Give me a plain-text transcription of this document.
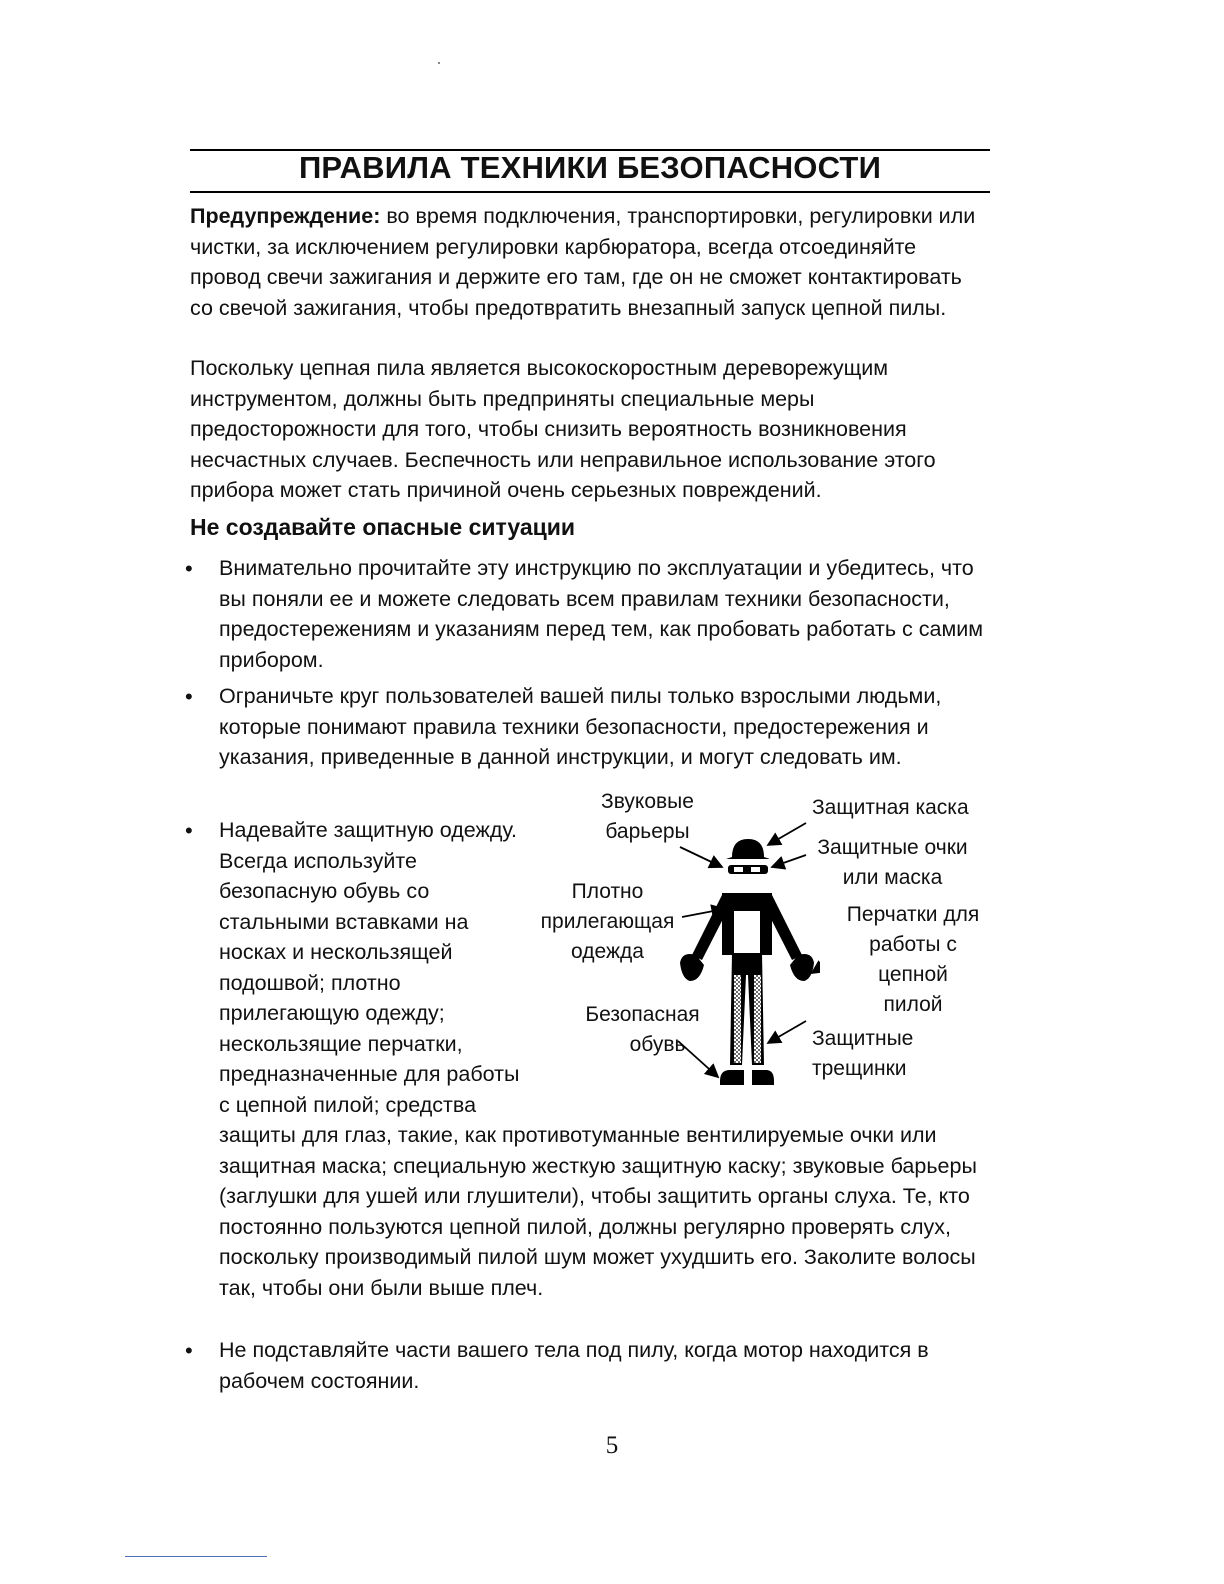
ПРАВИЛА ТЕХНИКИ БЕЗОПАСНОСТИ

Предупреждение: во время подключения, транспортировки, регулировки или чистки, за исключением регулировки карбюратора, всегда отсоединяйте провод свечи зажигания и держите его там, где он не сможет контактировать со свечой зажигания, чтобы предотвратить внезапный запуск цепной пилы.

Поскольку цепная пила является высокоскоростным дереворежущим инструментом, должны быть предприняты специальные меры предосторожности для того, чтобы снизить вероятность возникновения несчастных случаев. Беспечность или неправильное использование этого прибора может стать причиной очень серьезных повреждений.

Не создавайте опасные ситуации
• Внимательно прочитайте эту инструкцию по эксплуатации и убедитесь, что вы поняли ее и можете следовать всем правилам техники безопасности, предостережениям и указаниям перед тем, как пробовать работать с самим прибором.

• Ограничьте круг пользователей вашей пилы только взрослыми людьми, которые понимают правила техники безопасности, предостережения и указания, приведенные в данной инструкции, и могут следовать им.

• Надевайте защитную одежду.
Всегда используйте
безопасную обувь со
стальными вставками на
носках и нескользящей
подошвой; плотно
прилегающую одежду;
нескользящие перчатки,
предназначенные для работы
с цепной пилой; средства

защиты для глаз, такие, как противотуманные вентилируемые очки или защитная маска; специальную жесткую защитную каску; звуковые барьеры (заглушки для ушей или глушители), чтобы защитить органы слуха. Те, кто постоянно пользуются цепной пилой, должны регулярно проверять слух, поскольку производимый пилой шум может ухудшить его. Заколите волосы так, чтобы они были выше плеч.

• Не подставляйте части вашего тела под пилу, когда мотор находится в рабочем состоянии.

Звуковые
барьеры
Защитная каска
Защитные очки
или маска
Плотно
прилегающая
одежда
Перчатки для
работы с
цепной
пилой
Безопасная
обувь	Защитные
трещинки
5
